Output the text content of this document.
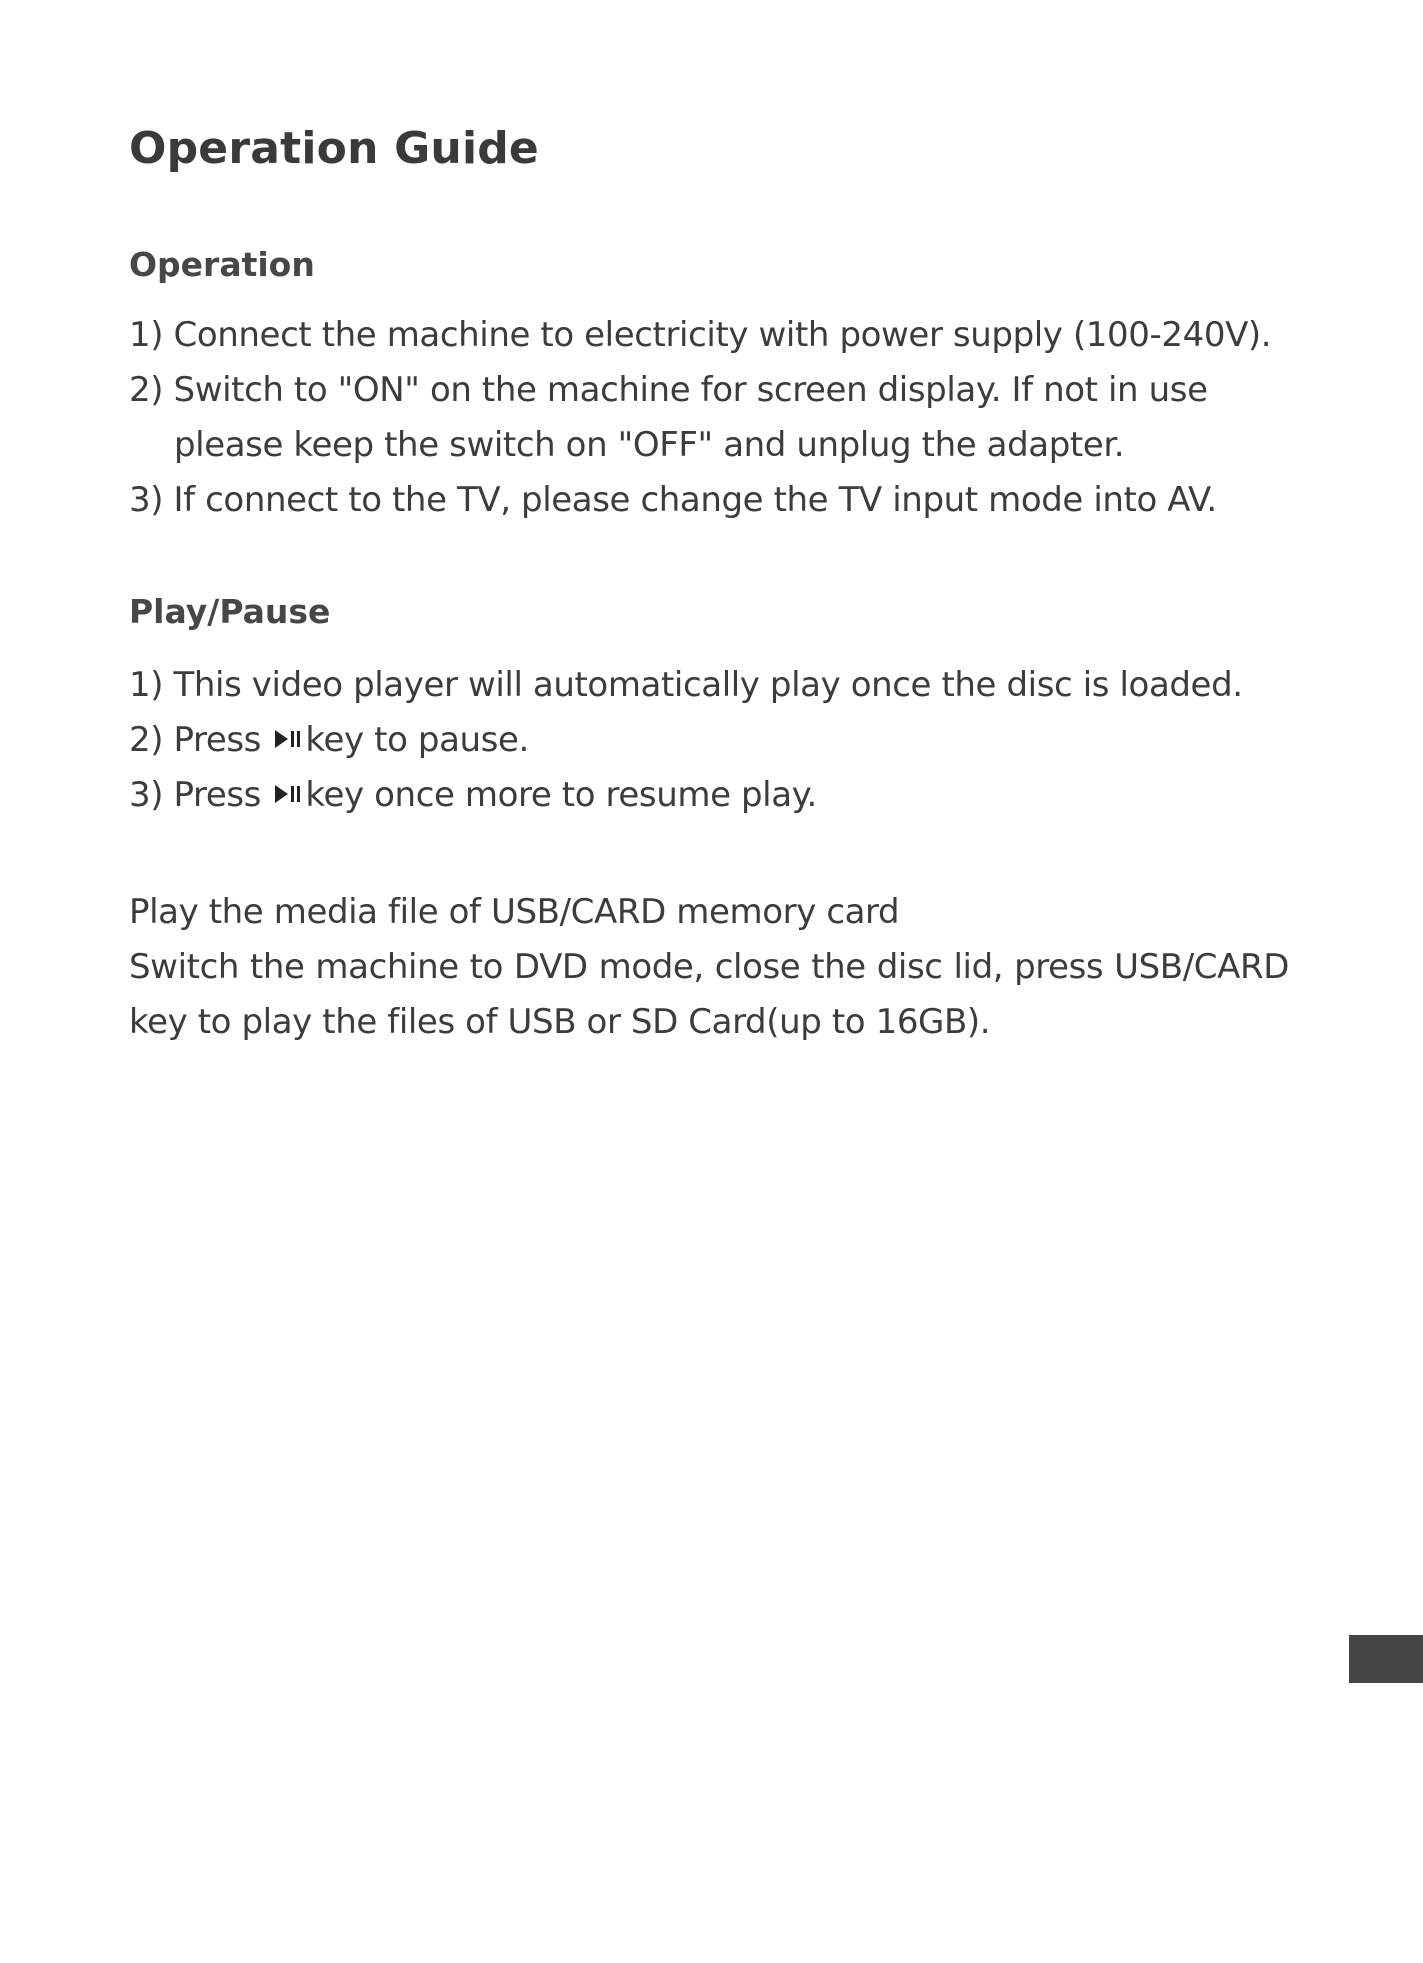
Operation Guide
Operation
1) Connect the machine to electricity with power supply (100-240V).
2) Switch to "ON" on the machine for screen display. If not in use
please keep the switch on "OFF" and unplug the adapter.
3) If connect to the TV, please change the TV input mode into AV.
Play/Pause
1) This video player will automatically play once the disc is loaded.
2) Press key to pause.
3) Press key once more to resume play.

Play the media file of USB/CARD memory card

Switch the machine to DVD mode, close the disc lid, press USB/CARD key to play the files of USB or SD Card(up to 16GB).
